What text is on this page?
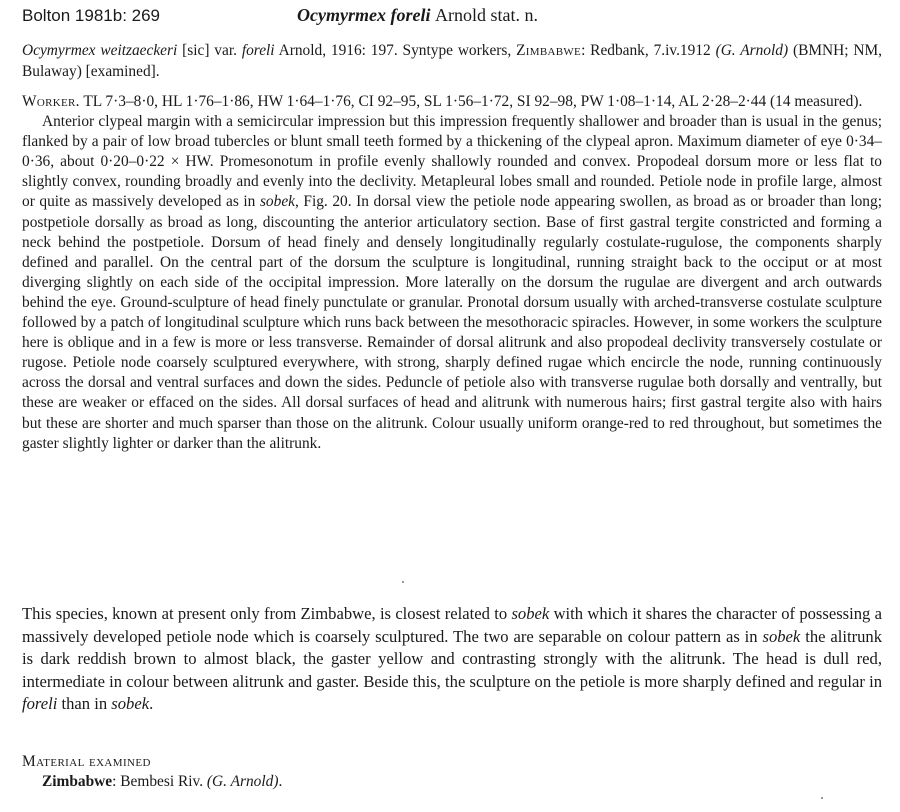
Bolton 1981b: 269	Ocymyrmex foreli Arnold stat. n.
Ocymyrmex weitzaeckeri [sic] var. foreli Arnold, 1916: 197. Syntype workers, Zimbabwe: Redbank, 7.iv.1912 (G. Arnold) (BMNH; NM, Bulaway) [examined].

Worker. TL 7·3–8·0, HL 1·76–1·86, HW 1·64–1·76, CI 92–95, SL 1·56–1·72, SI 92–98, PW 1·08–1·14, AL 2·28–2·44 (14 measured).

Anterior clypeal margin with a semicircular impression but this impression frequently shallower and broader than is usual in the genus; flanked by a pair of low broad tubercles or blunt small teeth formed by a thickening of the clypeal apron. Maximum diameter of eye 0·34–0·36, about 0·20–0·22 × HW. Promesonotum in profile evenly shallowly rounded and convex. Propodeal dorsum more or less flat to slightly convex, rounding broadly and evenly into the declivity. Metapleural lobes small and rounded. Petiole node in profile large, almost or quite as massively developed as in sobek, Fig. 20. In dorsal view the petiole node appearing swollen, as broad as or broader than long; postpetiole dorsally as broad as long, discounting the anterior articulatory section. Base of first gastral tergite constricted and forming a neck behind the postpetiole. Dorsum of head finely and densely longitudinally regularly costulate-rugulose, the components sharply defined and parallel. On the central part of the dorsum the sculpture is longitudinal, running straight back to the occiput or at most diverging slightly on each side of the occipital impression. More laterally on the dorsum the rugulae are divergent and arch outwards behind the eye. Ground-sculpture of head finely punctulate or granular. Pronotal dorsum usually with arched-transverse costulate sculpture followed by a patch of longitudinal sculpture which runs back between the mesothoracic spiracles. However, in some workers the sculpture here is oblique and in a few is more or less transverse. Remainder of dorsal alitrunk and also propodeal declivity transversely costulate or rugose. Petiole node coarsely sculptured everywhere, with strong, sharply defined rugae which encircle the node, running continuously across the dorsal and ventral surfaces and down the sides. Peduncle of petiole also with transverse rugulae both dorsally and ventrally, but these are weaker or effaced on the sides. All dorsal surfaces of head and alitrunk with numerous hairs; first gastral tergite also with hairs but these are shorter and much sparser than those on the alitrunk. Colour usually uniform orange-red to red throughout, but sometimes the gaster slightly lighter or darker than the alitrunk.

This species, known at present only from Zimbabwe, is closest related to sobek with which it shares the character of possessing a massively developed petiole node which is coarsely sculptured. The two are separable on colour pattern as in sobek the alitrunk is dark reddish brown to almost black, the gaster yellow and contrasting strongly with the alitrunk. The head is dull red, intermediate in colour between alitrunk and gaster. Beside this, the sculpture on the petiole is more sharply defined and regular in foreli than in sobek.

Material examined
Zimbabwe: Bembesi Riv. (G. Arnold).
